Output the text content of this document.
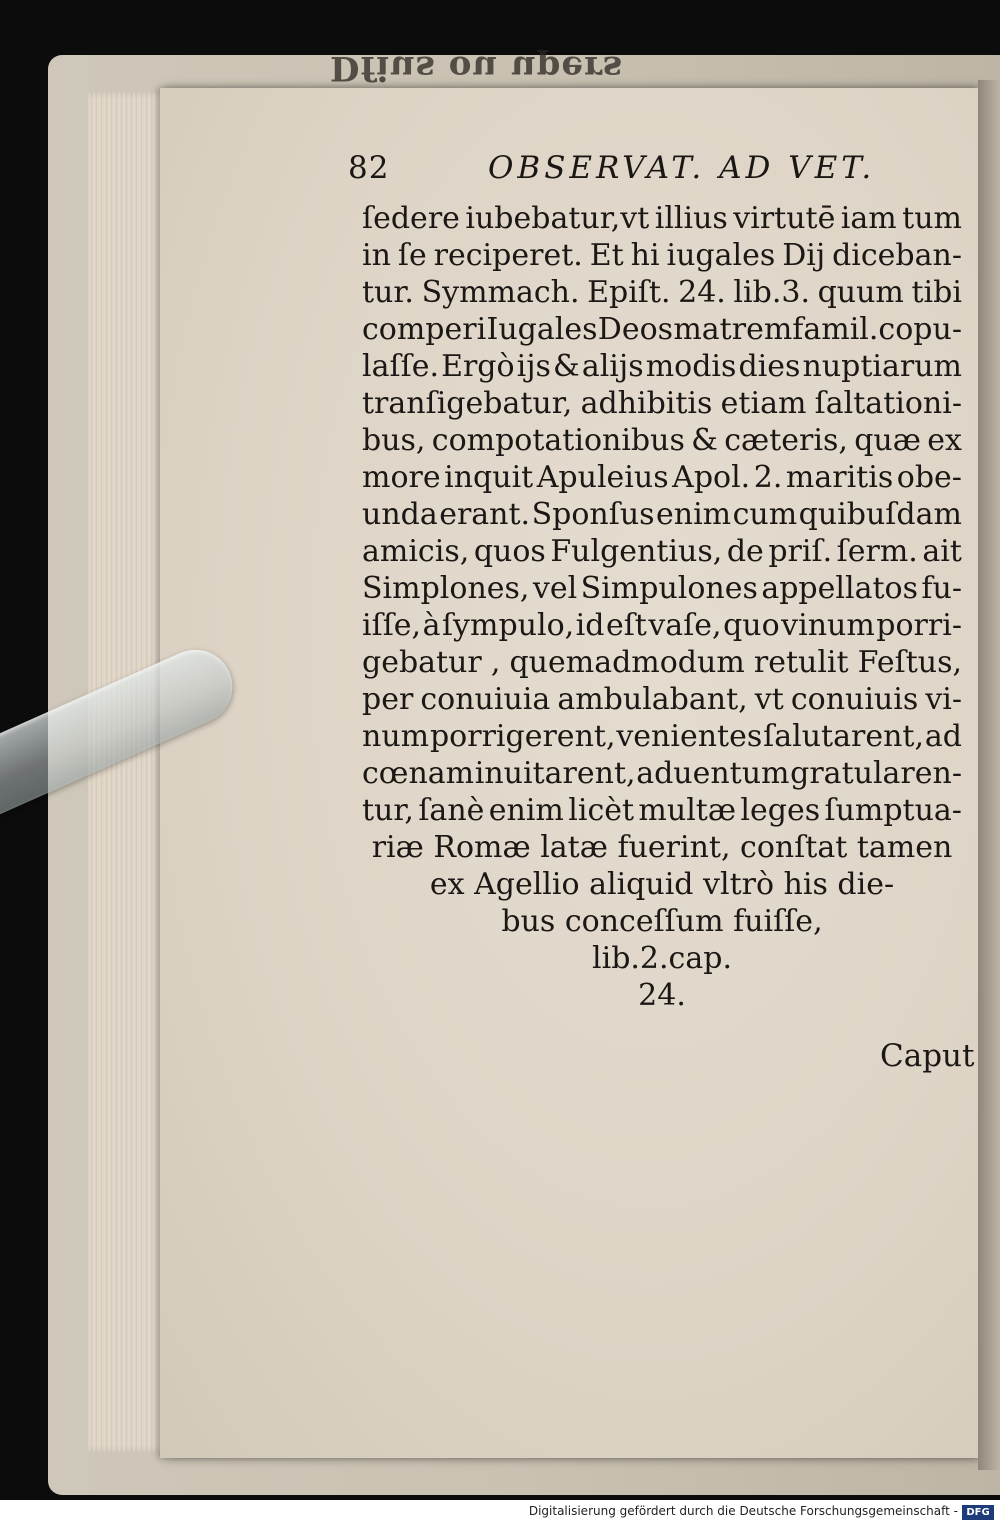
Dfius ou upers
82	OBSERVAT. AD VET.
ſedere iubebatur,vt illius virtutē iam tum
in ſe reciperet. Et hi iugales Dij diceban-
tur. Symmach. Epiſt. 24. lib.3. quum tibi
comperi Iugales Deos matremfamil.copu-
laſſe. Ergò ijs & alijs modis dies nuptiarum
tranſigebatur, adhibitis etiam ſaltationi-
bus, compotationibus & cæteris, quæ ex
more inquit Apuleius Apol. 2. maritis obe-
unda erant. Sponſus enim cum quibuſdam
amicis, quos Fulgentius, de priſ. ſerm. ait
Simplones, vel Simpulones appellatos fu-
iſſe, à ſympulo, id eſt vaſe, quo vinum porri-
gebatur , quemadmodum retulit Feſtus,
per conuiuia ambulabant, vt conuiuis vi-
num porrigerent, venientes ſalutarent, ad
cœnam inuitarent, aduentum gratularen-
tur, ſanè enim licèt multæ leges ſumptua-
riæ Romæ latæ fuerint, conſtat tamen
ex Agellio aliquid vltrò his die-
bus conceſſum fuiſſe,
lib.2.cap.
24.
Caput
Digitalisierung gefördert durch die Deutsche Forschungsgemeinschaft - DFG
